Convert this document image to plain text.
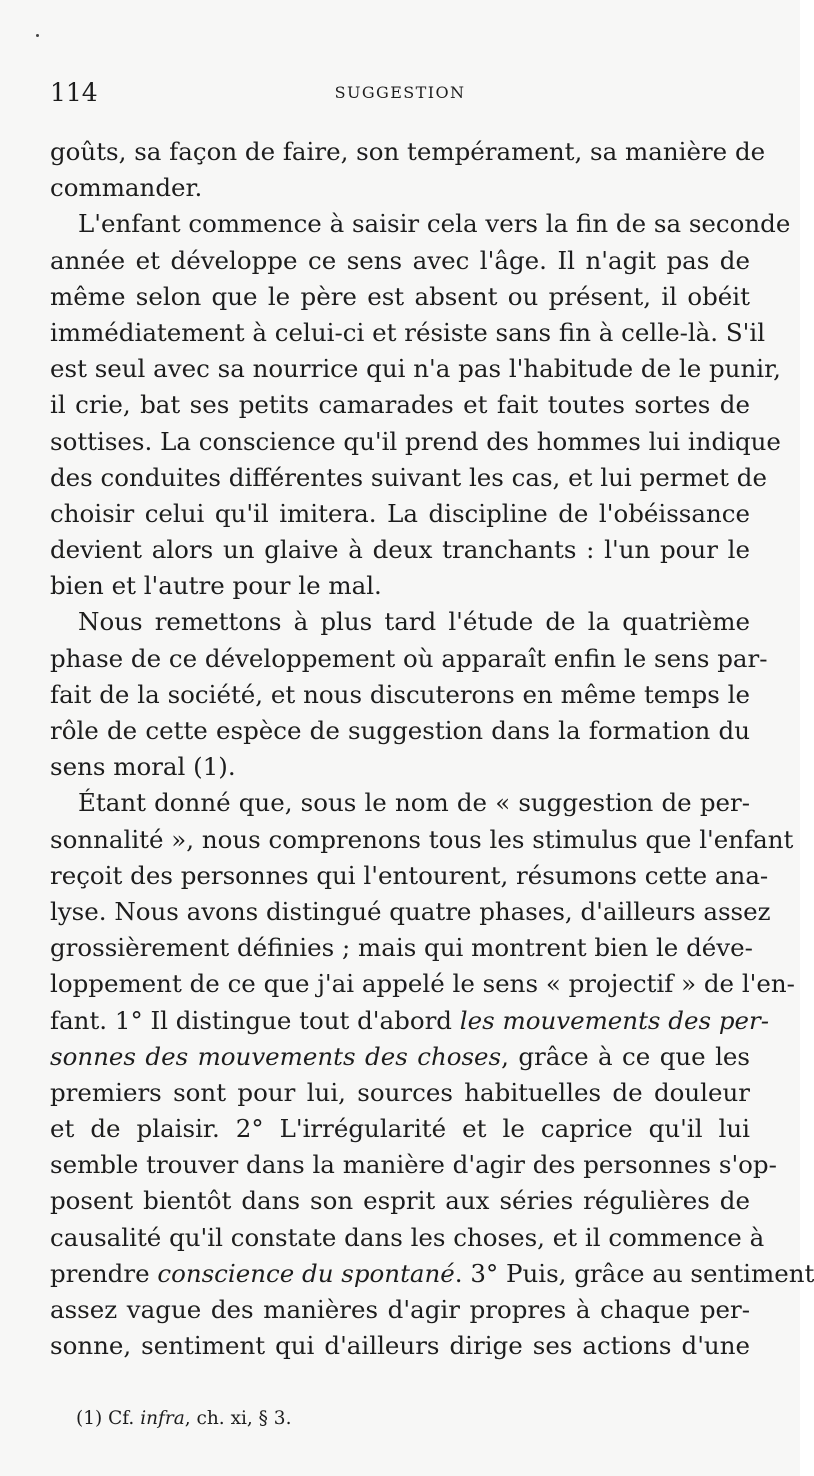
114	SUGGESTION
goûts, sa façon de faire, son tempérament, sa manière de
commander.
L'enfant commence à saisir cela vers la fin de sa seconde
année et développe ce sens avec l'âge. Il n'agit pas de
même selon que le père est absent ou présent, il obéit
immédiatement à celui-ci et résiste sans fin à celle-là. S'il
est seul avec sa nourrice qui n'a pas l'habitude de le punir,
il crie, bat ses petits camarades et fait toutes sortes de
sottises. La conscience qu'il prend des hommes lui indique
des conduites différentes suivant les cas, et lui permet de
choisir celui qu'il imitera. La discipline de l'obéissance
devient alors un glaive à deux tranchants : l'un pour le
bien et l'autre pour le mal.
Nous remettons à plus tard l'étude de la quatrième
phase de ce développement où apparaît enfin le sens par-
fait de la société, et nous discuterons en même temps le
rôle de cette espèce de suggestion dans la formation du
sens moral (1).
Étant donné que, sous le nom de « suggestion de per-
sonnalité », nous comprenons tous les stimulus que l'enfant
reçoit des personnes qui l'entourent, résumons cette ana-
lyse. Nous avons distingué quatre phases, d'ailleurs assez
grossièrement définies ; mais qui montrent bien le déve-
loppement de ce que j'ai appelé le sens « projectif » de l'en-
fant. 1° Il distingue tout d'abord les mouvements des per-
sonnes des mouvements des choses, grâce à ce que les
premiers sont pour lui, sources habituelles de douleur
et de plaisir. 2° L'irrégularité et le caprice qu'il lui
semble trouver dans la manière d'agir des personnes s'op-
posent bientôt dans son esprit aux séries régulières de
causalité qu'il constate dans les choses, et il commence à
prendre conscience du spontané. 3° Puis, grâce au sentiment
assez vague des manières d'agir propres à chaque per-
sonne, sentiment qui d'ailleurs dirige ses actions d'une
(1) Cf. infra, ch. xi, § 3.
